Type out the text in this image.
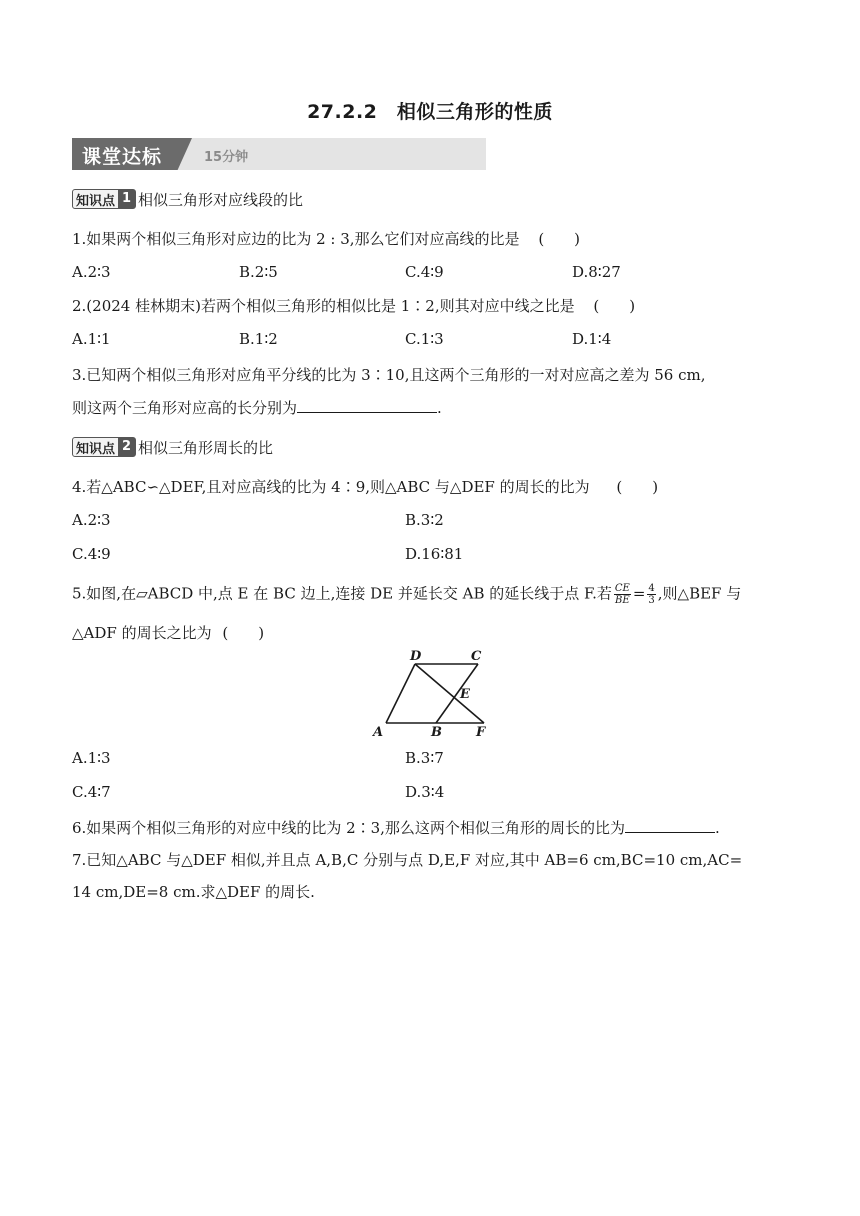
27.2.2　相似三角形的性质
课堂达标	15分钟
知识点 1 相似三角形对应线段的比
1.如果两个相似三角形对应边的比为 2 : 3,那么它们对应高线的比是 (　　)
A.2∶3	B.2∶5	C.4∶9	D.8∶27
2.(2024 桂林期末)若两个相似三角形的相似比是 1∶2,则其对应中线之比是 (　　)
A.1∶1	B.1∶2	C.1∶3	D.1∶4
3.已知两个相似三角形对应角平分线的比为 3∶10,且这两个三角形的一对对应高之差为 56 cm,
则这两个三角形对应高的长分别为	.
知识点 2 相似三角形周长的比
4.若△ABC∽△DEF,且对应高线的比为 4∶9,则△ABC 与△DEF 的周长的比为 (　　)
A.2∶3	B.3∶2
C.4∶9	D.16∶81
5.如图,在▱ABCD 中,点 E 在 BC 边上,连接 DE 并延长交 AB 的延长线于点 F.若 $\frac{CE}{BE} = \frac{4}{3}$ ,则△BEF 与
△ADF 的周长之比为 (　　)
D	C
E
A	B	F
A.1∶3	B.3∶7
C.4∶7	D.3∶4
6.如果两个相似三角形的对应中线的比为 2∶3,那么这两个相似三角形的周长的比为	.
7.已知△ABC 与△DEF 相似,并且点 A,B,C 分别与点 D,E,F 对应,其中 AB=6 cm,BC=10 cm,AC=
14 cm,DE=8 cm.求△DEF 的周长.
